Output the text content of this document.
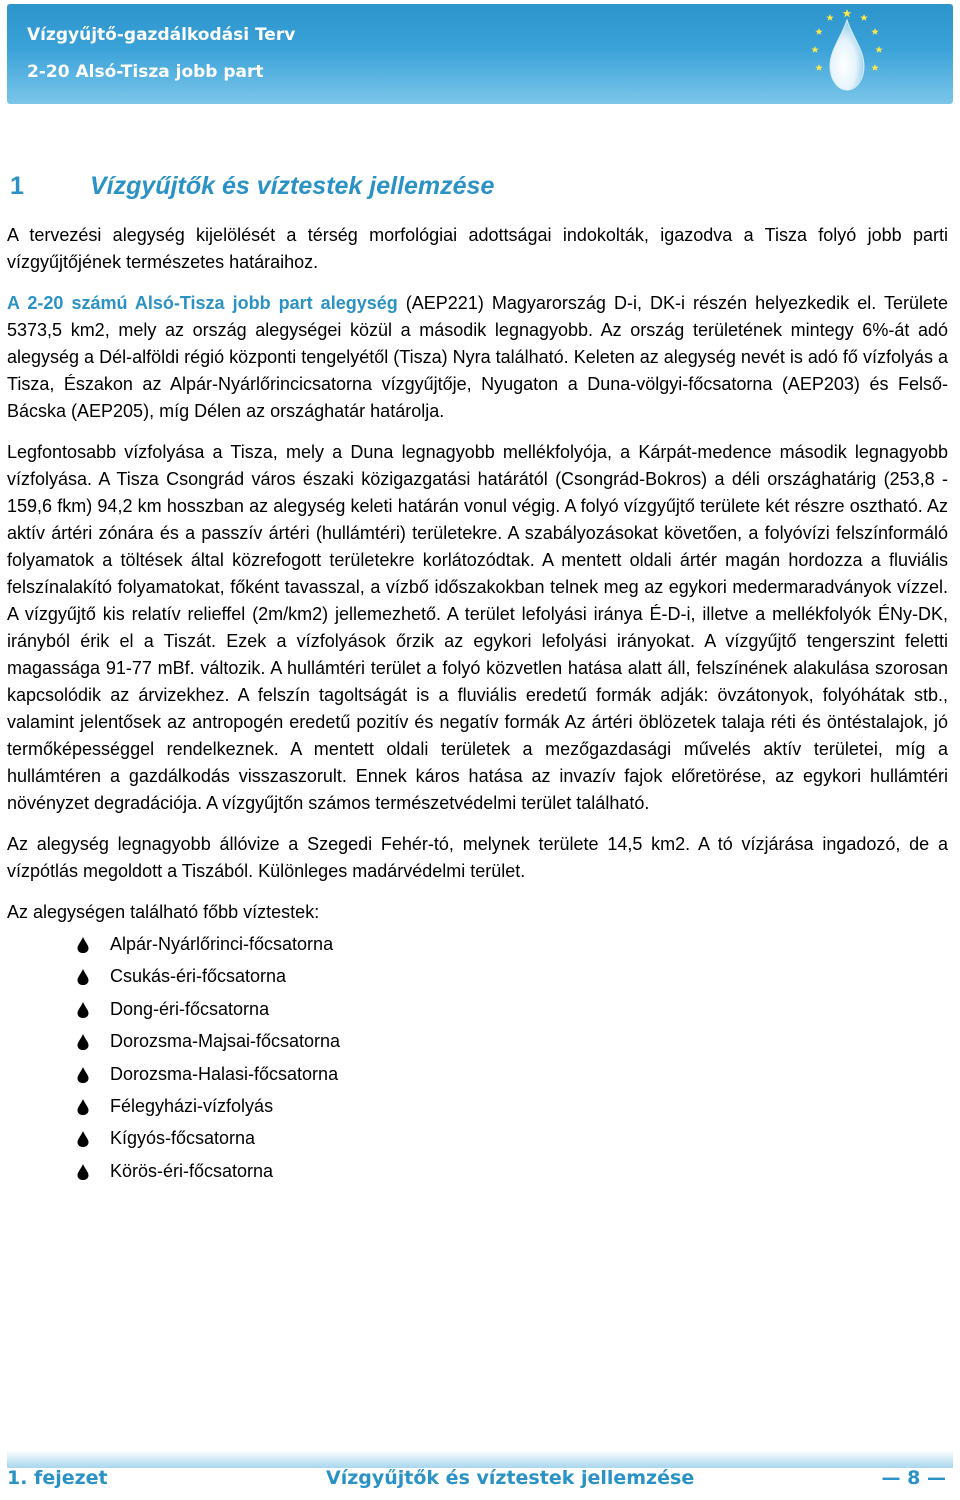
Vízgyűjtő-gazdálkodási Terv
2-20 Alsó-Tisza jobb part
1	Vízgyűjtők és víztestek jellemzése

A tervezési alegység kijelölését a térség morfológiai adottságai indokolták, igazodva a Tisza folyó jobb parti vízgyűjtőjének természetes határaihoz.

A 2-20 számú Alsó-Tisza jobb part alegység (AEP221) Magyarország D-i, DK-i részén helyezkedik el. Területe 5373,5 km2, mely az ország alegységei közül a második legnagyobb. Az ország területének mintegy 6%-át adó alegység a Dél-alföldi régió központi tengelyétől (Tisza) Nyra található. Keleten az alegység nevét is adó fő vízfolyás a Tisza, Északon az Alpár-Nyárlőrincicsatorna vízgyűjtője, Nyugaton a Duna-völgyi-főcsatorna (AEP203) és Felső-Bácska (AEP205), míg Délen az országhatár határolja.

Legfontosabb vízfolyása a Tisza, mely a Duna legnagyobb mellékfolyója, a Kárpát-medence második legnagyobb vízfolyása. A Tisza Csongrád város északi közigazgatási határától (Csongrád-Bokros) a déli országhatárig (253,8 - 159,6 fkm) 94,2 km hosszban az alegység keleti határán vonul végig. A folyó vízgyűjtő területe két részre osztható. Az aktív ártéri zónára és a passzív ártéri (hullámtéri) területekre. A szabályozásokat követően, a folyóvízi felszínformáló folyamatok a töltések által közrefogott területekre korlátozódtak. A mentett oldali ártér magán hordozza a fluviális felszínalakító folyamatokat, főként tavasszal, a vízbő időszakokban telnek meg az egykori medermaradványok vízzel. A vízgyűjtő kis relatív relieffel (2m/km2) jellemezhető. A terület lefolyási iránya É-D-i, illetve a mellékfolyók ÉNy-DK, irányból érik el a Tiszát. Ezek a vízfolyások őrzik az egykori lefolyási irányokat. A vízgyűjtő tengerszint feletti magassága 91-77 mBf. változik. A hullámtéri terület a folyó közvetlen hatása alatt áll, felszínének alakulása szorosan kapcsolódik az árvizekhez. A felszín tagoltságát is a fluviális eredetű formák adják: övzátonyok, folyóhátak stb., valamint jelentősek az antropogén eredetű pozitív és negatív formák Az ártéri öblözetek talaja réti és öntéstalajok, jó termőképességgel rendelkeznek. A mentett oldali területek a mezőgazdasági művelés aktív területei, míg a hullámtéren a gazdálkodás visszaszorult. Ennek káros hatása az invazív fajok előretörése, az egykori hullámtéri növényzet degradációja. A vízgyűjtőn számos természetvédelmi terület található.

Az alegység legnagyobb állóvize a Szegedi Fehér-tó, melynek területe 14,5 km2. A tó vízjárása ingadozó, de a vízpótlás megoldott a Tiszából. Különleges madárvédelmi terület.

Az alegységen található főbb víztestek:

Alpár-Nyárlőrinci-főcsatorna
Csukás-éri-főcsatorna
Dong-éri-főcsatorna
Dorozsma-Majsai-főcsatorna
Dorozsma-Halasi-főcsatorna
Félegyházi-vízfolyás
Kígyós-főcsatorna
Körös-éri-főcsatorna
1. fejezet	Vízgyűjtők és víztestek jellemzése	— 8 —
